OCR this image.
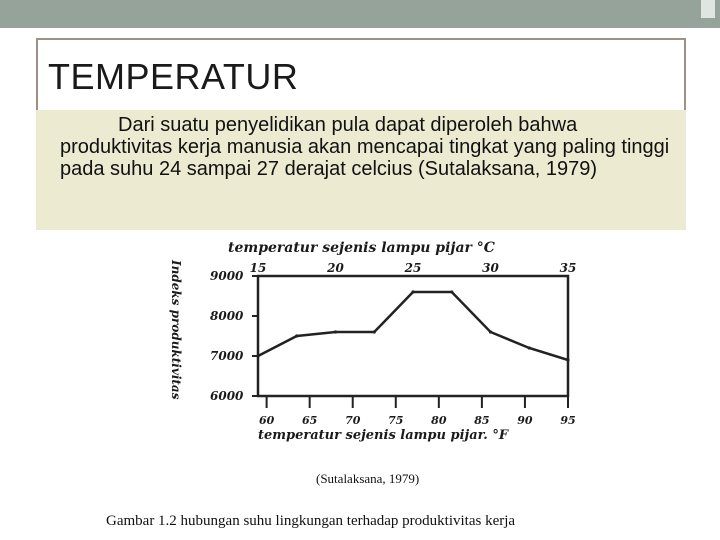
TEMPERATUR
Dari suatu penyelidikan pula dapat diperoleh bahwa produktivitas kerja manusia akan mencapai tingkat yang paling tinggi pada suhu 24 sampai 27 derajat celcius (Sutalaksana, 1979)
temperatur sejenis lampu pijar °C
Indeks produktivitas	15	20	25	30	35
9000
8000
7000
6000
60	65	70	75	80	85	90	95
temperatur sejenis lampu pijar. °F
(Sutalaksana, 1979)
Gambar 1.2 hubungan suhu lingkungan terhadap produktivitas kerja
